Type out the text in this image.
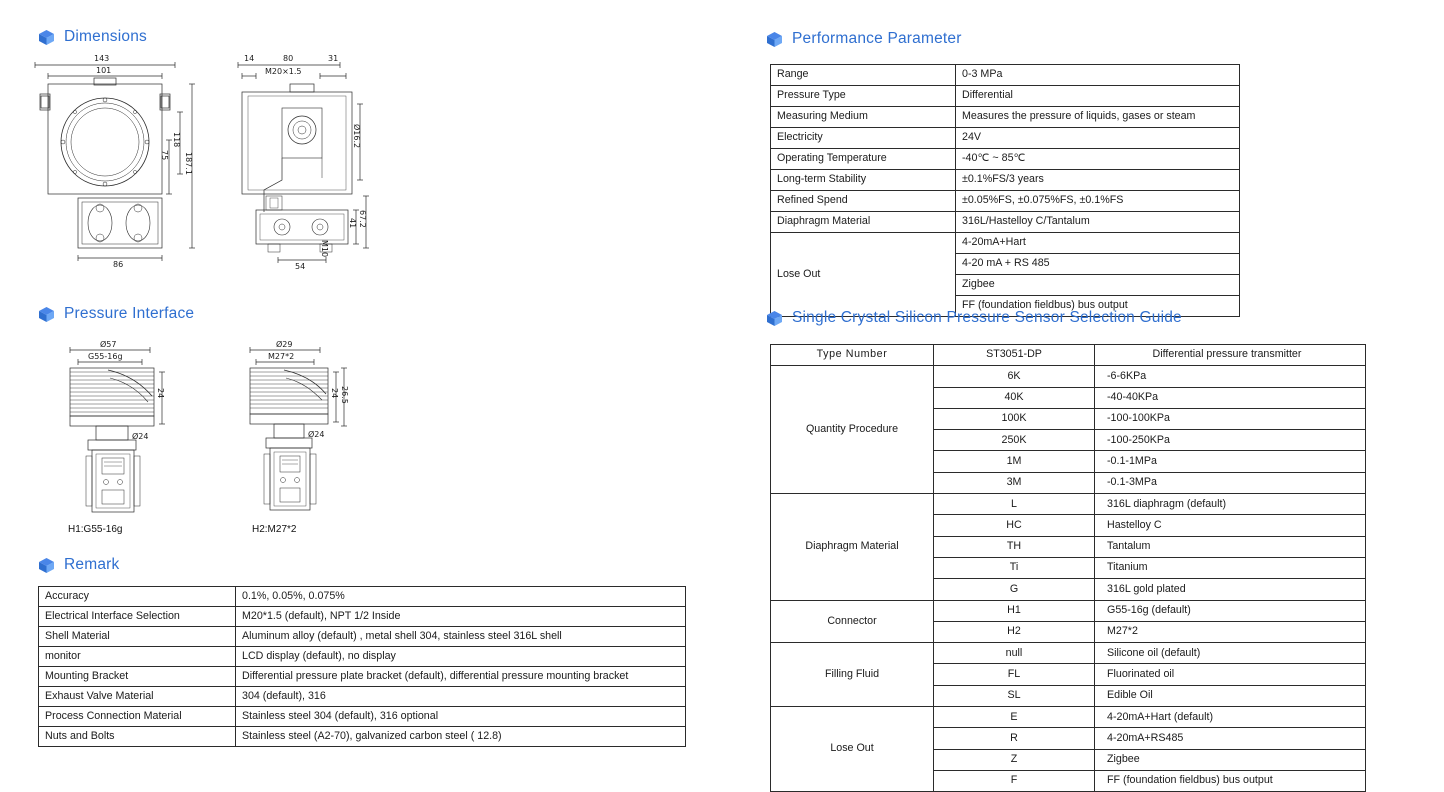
Dimensions
143
101
118
75 187.1
86
14	80	31
M20×1.5
Ø16.2
41 67.2
54
M10
Pressure Interface
Ø57
G55-16g
24
Ø24
Ø29
M27*2
24 26.5
Ø24
H1:G55-16g	H2:M27*2
Remark
Accuracy	0.1%, 0.05%, 0.075%
Electrical Interface Selection	M20*1.5 (default), NPT 1/2 Inside
Shell Material	Aluminum alloy (default) , metal shell 304, stainless steel 316L shell
monitor	LCD display (default), no display
Mounting Bracket	Differential pressure plate bracket (default), differential pressure mounting bracket
Exhaust Valve Material	304 (default), 316
Process Connection Material	Stainless steel 304 (default), 316 optional
Nuts and Bolts	Stainless steel (A2-70), galvanized carbon steel ( 12.8)
Performance Parameter
Range	0-3 MPa
Pressure Type	Differential
Measuring Medium	Measures the pressure of liquids, gases or steam
Electricity	24V
Operating Temperature	-40℃ ~ 85℃
Long-term Stability	±0.1%FS/3 years
Refined Spend	±0.05%FS, ±0.075%FS, ±0.1%FS
Diaphragm Material	316L/Hastelloy C/Tantalum
Lose Out	4-20mA+Hart
	4-20 mA + RS 485
	Zigbee
	FF (foundation fieldbus) bus output
Single Crystal Silicon Pressure Sensor Selection Guide
Type Number	ST3051-DP	Differential pressure transmitter
Quantity Procedure	6K	-6-6KPa
	40K	-40-40KPa
	100K	-100-100KPa
	250K	-100-250KPa
	1M	-0.1-1MPa
	3M	-0.1-3MPa
Diaphragm Material	L	316L diaphragm (default)
	HC	Hastelloy C
	TH	Tantalum
	Ti	Titanium
	G	316L gold plated
Connector	H1	G55-16g (default)
	H2	M27*2
Filling Fluid	null	Silicone oil (default)
	FL	Fluorinated oil
	SL	Edible Oil
Lose Out	E	4-20mA+Hart (default)
	R	4-20mA+RS485
	Z	Zigbee
	F	FF (foundation fieldbus) bus output
